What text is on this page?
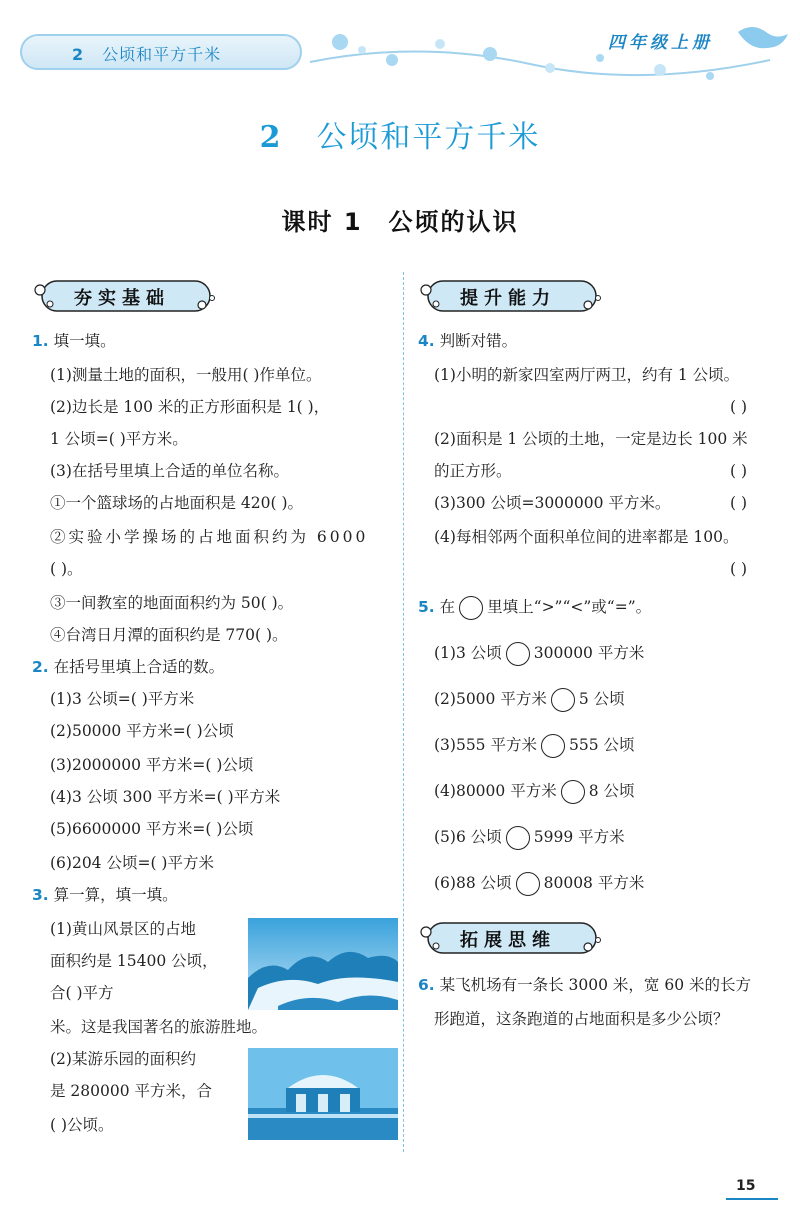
2 公顷和平方千米
四年级上册
2 公顷和平方千米
课时 1 公顷的认识
夯实基础
1. 填一填。
(1)测量土地的面积，一般用( )作单位。
(2)边长是 100 米的正方形面积是 1( )，
1 公顷=( )平方米。
(3)在括号里填上合适的单位名称。
①一个篮球场的占地面积是 420( )。
②实验小学操场的占地面积约为 6000
( )。
③一间教室的地面面积约为 50( )。
④台湾日月潭的面积约是 770( )。
2. 在括号里填上合适的数。
(1)3 公顷=( )平方米
(2)50000 平方米=( )公顷
(3)2000000 平方米=( )公顷
(4)3 公顷 300 平方米=( )平方米
(5)6600000 平方米=( )公顷
(6)204 公顷=( )平方米
3. 算一算，填一填。
(1)黄山风景区的占地
面积约是 15400 公顷，
合( )平方
米。这是我国著名的旅游胜地。
(2)某游乐园的面积约
是 280000 平方米，合
( )公顷。
提升能力
4. 判断对错。
(1)小明的新家四室两厅两卫，约有 1 公顷。
( )
(2)面积是 1 公顷的土地，一定是边长 100 米
的正方形。	( )
(3)300 公顷=3000000 平方米。	( )
(4)每相邻两个面积单位间的进率都是 100。
( )
5. 在 里填上“>”“<”或“=”。
(1)3 公顷 300000 平方米
(2)5000 平方米 5 公顷
(3)555 平方米 555 公顷
(4)80000 平方米 8 公顷
(5)6 公顷 5999 平方米
(6)88 公顷 80008 平方米
拓展思维
6. 某飞机场有一条长 3000 米，宽 60 米的长方
形跑道，这条跑道的占地面积是多少公顷？
15
